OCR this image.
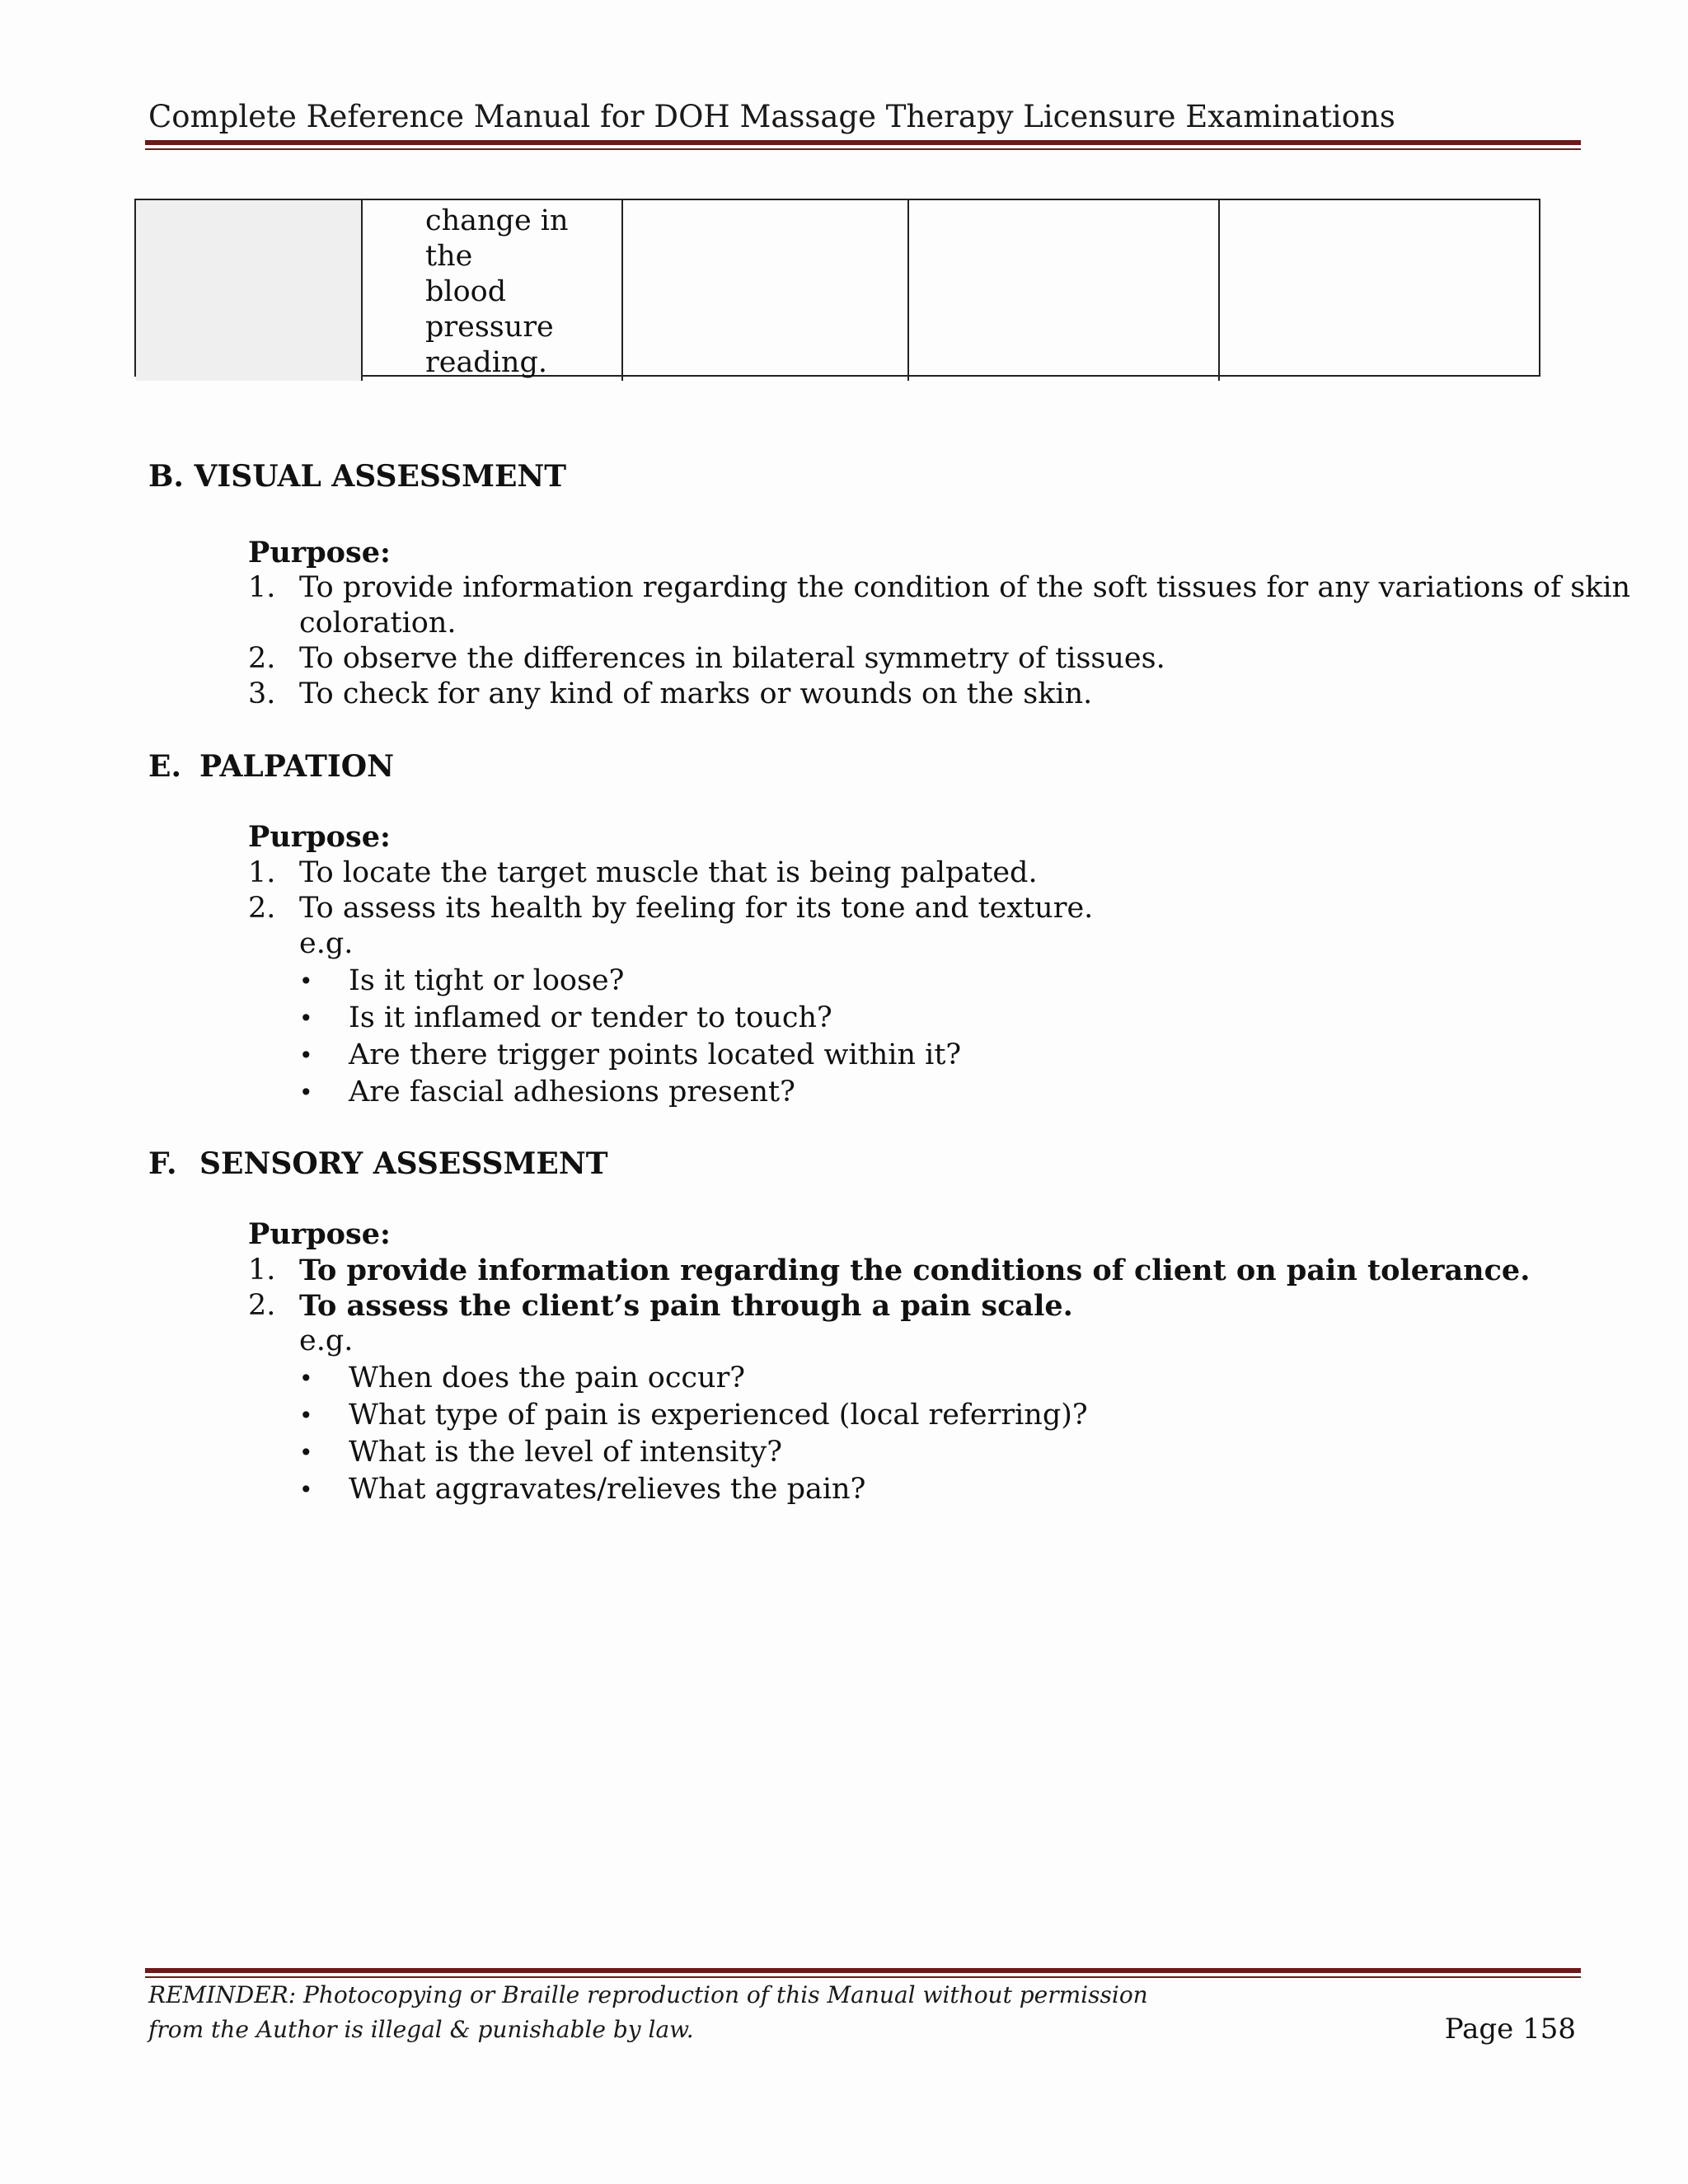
Complete Reference Manual for DOH Massage Therapy Licensure Examinations
change in the
blood
pressure
reading.
B. VISUAL ASSESSMENT
Purpose:
1. To provide information regarding the condition of the soft tissues for any variations of skin
coloration.
2. To observe the differences in bilateral symmetry of tissues.
3. To check for any kind of marks or wounds on the skin.
E. PALPATION
Purpose:
1. To locate the target muscle that is being palpated.
2. To assess its health by feeling for its tone and texture.
e.g.
• Is it tight or loose?
• Is it inflamed or tender to touch?
• Are there trigger points located within it?
• Are fascial adhesions present?
F. SENSORY ASSESSMENT
Purpose:
1. To provide information regarding the conditions of client on pain tolerance.
2. To assess the client’s pain through a pain scale.
e.g.
• When does the pain occur?
• What type of pain is experienced (local referring)?
• What is the level of intensity?
• What aggravates/relieves the pain?
REMINDER: Photocopying or Braille reproduction of this Manual without permission
from the Author is illegal & punishable by law.	Page 158
